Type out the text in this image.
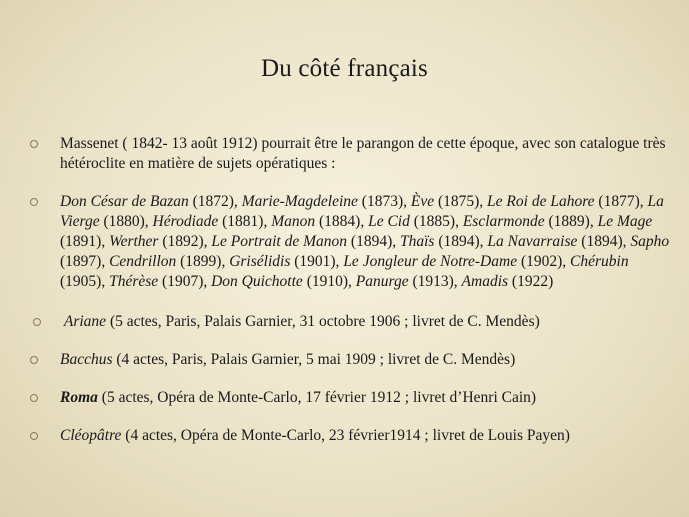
Du côté français
Massenet ( 1842- 13 août 1912) pourrait être le parangon de cette époque, avec son catalogue très hétéroclite en matière de sujets opératiques :
Don César de Bazan (1872), Marie-Magdeleine (1873), Ève (1875), Le Roi de Lahore (1877), La Vierge (1880), Hérodiade (1881), Manon (1884), Le Cid (1885), Esclarmonde (1889), Le Mage (1891), Werther (1892), Le Portrait de Manon (1894), Thaïs (1894), La Navarraise (1894), Sapho (1897), Cendrillon (1899), Grisélidis (1901), Le Jongleur de Notre-Dame (1902), Chérubin (1905), Thérèse (1907), Don Quichotte (1910), Panurge (1913), Amadis (1922)
Ariane (5 actes, Paris, Palais Garnier, 31 octobre 1906 ; livret de C. Mendès)
Bacchus (4 actes, Paris, Palais Garnier, 5 mai 1909 ; livret de C. Mendès)
Roma (5 actes, Opéra de Monte-Carlo, 17 février 1912 ; livret d’Henri Cain)
Cléopâtre (4 actes, Opéra de Monte-Carlo, 23 février1914 ; livret de Louis Payen)
